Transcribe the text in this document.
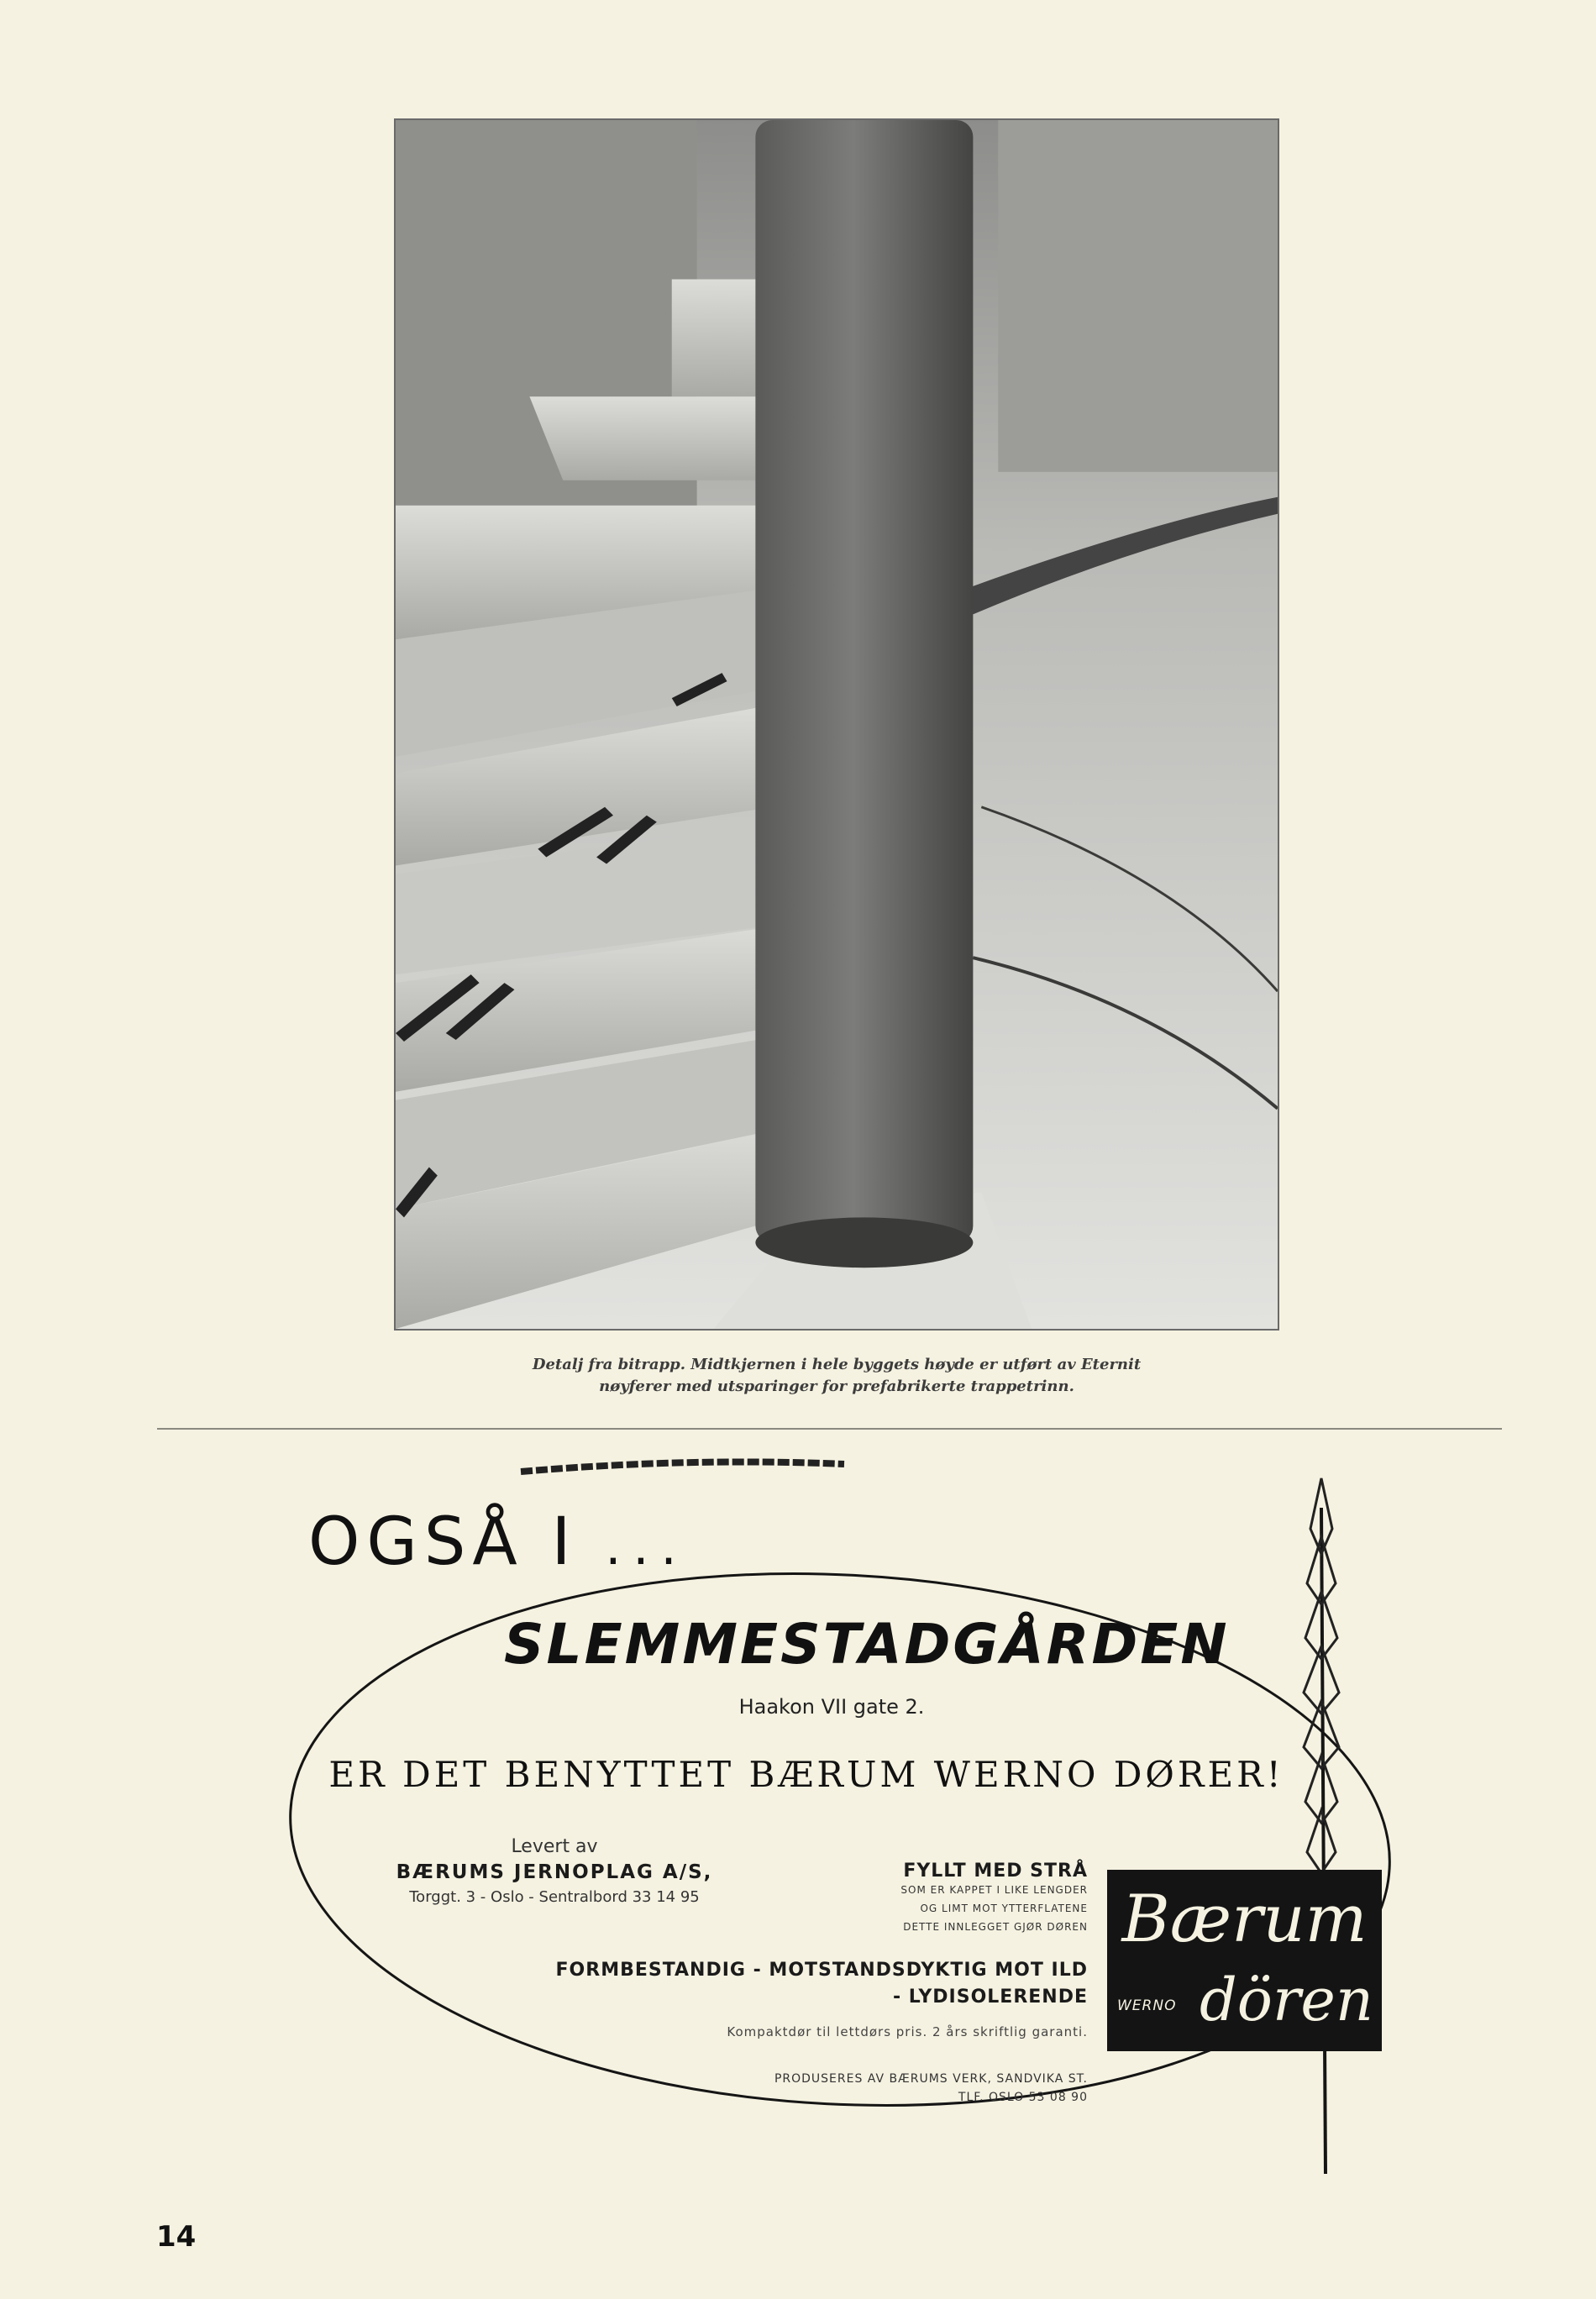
Detalj fra bitrapp. Midtkjernen i hele byggets høyde er utført av Eternit
nøyferer med utsparinger for prefabrikerte trappetrinn.

OGSÅ I ...
SLEMMESTADGÅRDEN
Haakon VII gate 2.
ER DET BENYTTET BÆRUM WERNO DØRER!
Levert av
BÆRUMS JERNOPLAG A/S,
Torggt. 3 - Oslo - Sentralbord 33 14 95
FYLLT MED STRÅ
SOM ER KAPPET I LIKE LENGDER
OG LIMT MOT YTTERFLATENE
DETTE INNLEGGET GJØR DØREN
FORMBESTANDIG - MOTSTANDSDYKTIG MOT ILD
- LYDISOLERENDE
Kompaktdør til lettdørs pris. 2 års skriftlig garanti.
PRODUSERES AV BÆRUMS VERK, SANDVIKA ST.
TLF. OSLO 53 08 90
Bærum
WERNO dören
14
